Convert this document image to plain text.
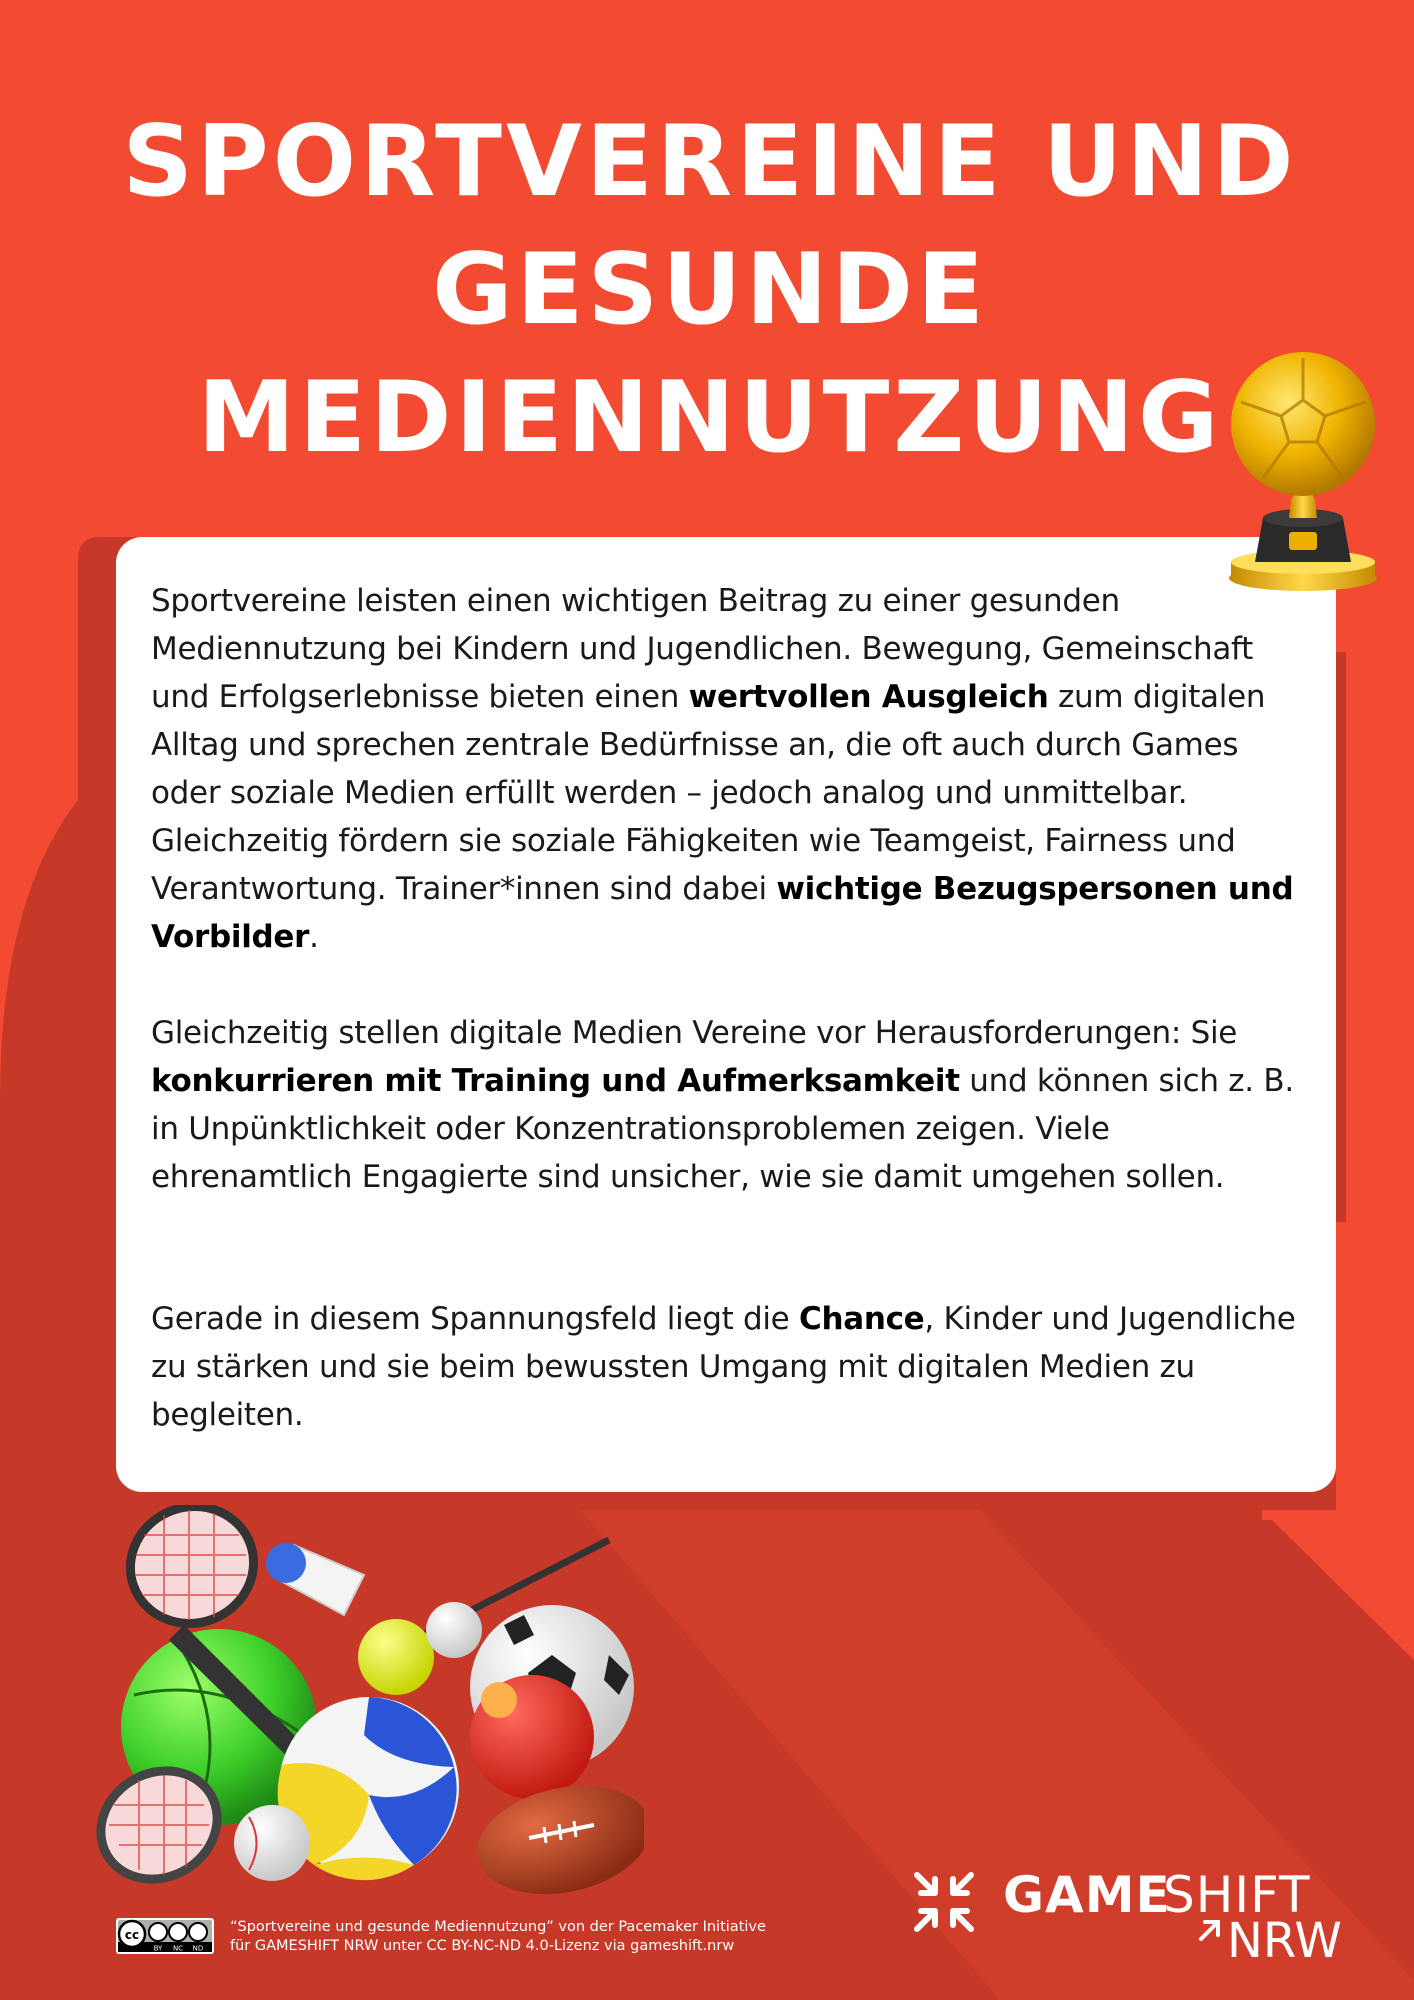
SPORTVEREINE UND GESUNDE MEDIENNUTZUNG

Sportvereine leisten einen wichtigen Beitrag zu einer gesunden Mediennutzung bei Kindern und Jugendlichen. Bewegung, Gemeinschaft und Erfolgserlebnisse bieten einen wertvollen Ausgleich zum digitalen Alltag und sprechen zentrale Bedürfnisse an, die oft auch durch Games oder soziale Medien erfüllt werden – jedoch analog und unmittelbar. Gleichzeitig fördern sie soziale Fähigkeiten wie Teamgeist, Fairness und Verantwortung. Trainer*innen sind dabei wichtige Bezugspersonen und Vorbilder.

Gleichzeitig stellen digitale Medien Vereine vor Herausforderungen: Sie konkurrieren mit Training und Aufmerksamkeit und können sich z. B. in Unpünktlichkeit oder Konzentrationsproblemen zeigen. Viele ehrenamtlich Engagierte sind unsicher, wie sie damit umgehen sollen.

Gerade in diesem Spannungsfeld liegt die Chance, Kinder und Jugendliche zu stärken und sie beim bewussten Umgang mit digitalen Medien zu begleiten.

cc
BY NC ND
“Sportvereine und gesunde Mediennutzung” von der Pacemaker Initiative
für GAMESHIFT NRW unter CC BY-NC-ND 4.0-Lizenz via gameshift.nrw
GAME
SHIFT
NRW
